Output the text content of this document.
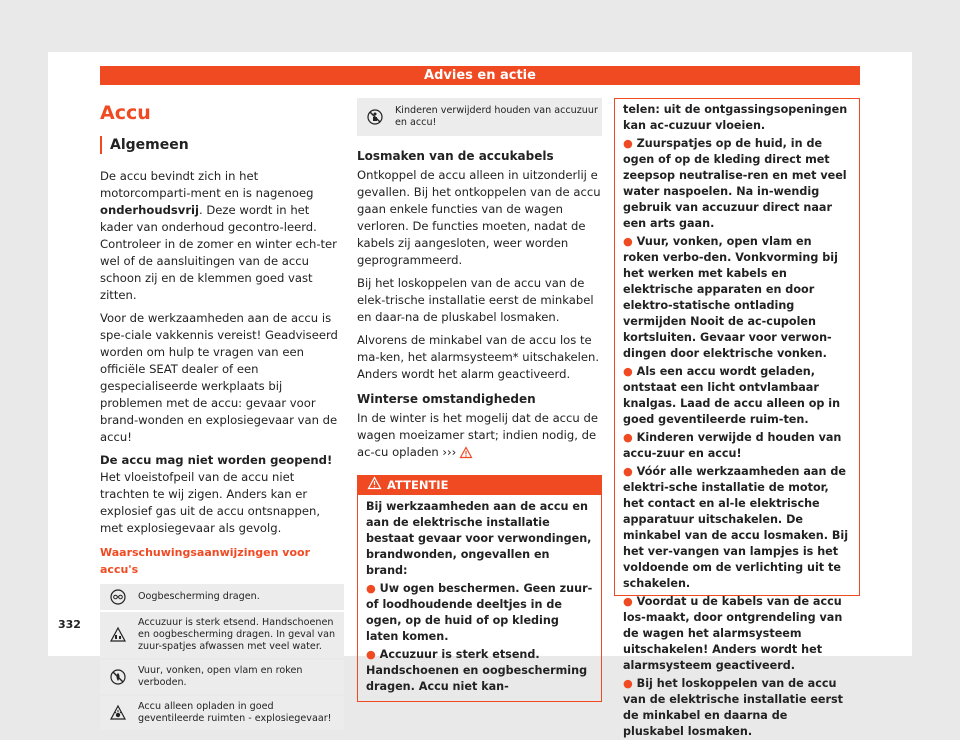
Advies en actie
Accu
Algemeen

De accu bevindt zich in het motorcomparti-ment en is nagenoeg onderhoudsvrij. Deze wordt in het kader van onderhoud gecontro-leerd. Controleer in de zomer en winter ech-ter wel of de aansluitingen van de accu schoon zij en de klemmen goed vast zitten.

Voor de werkzaamheden aan de accu is spe-ciale vakkennis vereist! Geadviseerd worden om hulp te vragen van een officiële SEAT dealer of een gespecialiseerde werkplaats bij problemen met de accu: gevaar voor brand-wonden en explosiegevaar van de accu!

De accu mag niet worden geopend! Het vloeistofpeil van de accu niet trachten te wij zigen. Anders kan er explosief gas uit de accu ontsnappen, met explosiegevaar als gevolg.

Waarschuwingsaanwijzingen voor accu's
Oogbescherming dragen.
Accuzuur is sterk etsend. Handschoenen en oogbescherming dragen. In geval van zuur-spatjes afwassen met veel water.
Vuur, vonken, open vlam en roken verboden.
Accu alleen opladen in goed geventileerde ruimten - explosiegevaar!
Kinderen verwijderd houden van accuzuur en accu!
Losmaken van de accukabels

Ontkoppel de accu alleen in uitzonderlij e gevallen. Bij het ontkoppelen van de accu gaan enkele functies van de wagen verloren. De functies moeten, nadat de kabels zij aangesloten, weer worden geprogrammeerd.

Bij het loskoppelen van de accu van de elek-trische installatie eerst de minkabel en daar-na de pluskabel losmaken.

Alvorens de minkabel van de accu los te ma-ken, het alarmsysteem* uitschakelen. Anders wordt het alarm geactiveerd.

Winterse omstandigheden

In de winter is het mogelij dat de accu de wagen moeizamer start; indien nodig, de ac-cu opladen ›››

ATTENTIE
Bij werkzaamheden aan de accu en aan de elektrische installatie bestaat gevaar voor verwondingen, brandwonden, ongevallen en brand:
● Uw ogen beschermen. Geen zuur- of loodhoudende deeltjes in de ogen, op de huid of op kleding laten komen.
● Accuzuur is sterk etsend. Handschoenen en oogbescherming dragen. Accu niet kan-
telen: uit de ontgassingsopeningen kan ac-cuzuur vloeien.
● Zuurspatjes op de huid, in de ogen of op de kleding direct met zeepsop neutralise-ren en met veel water naspoelen. Na in-wendig gebruik van accuzuur direct naar een arts gaan.
● Vuur, vonken, open vlam en roken verbo-den. Vonkvorming bij het werken met kabels en elektrische apparaten en door elektro-statische ontlading vermijden Nooit de ac-cupolen kortsluiten. Gevaar voor verwon-dingen door elektrische vonken.
● Als een accu wordt geladen, ontstaat een licht ontvlambaar knalgas. Laad de accu alleen op in goed geventileerde ruim-ten.
● Kinderen verwijde d houden van accu-zuur en accu!
● Vóór alle werkzaamheden aan de elektri-sche installatie de motor, het contact en al-le elektrische apparatuur uitschakelen. De minkabel van de accu losmaken. Bij het ver-vangen van lampjes is het voldoende om de verlichting uit te schakelen.
● Voordat u de kabels van de accu los-maakt, door ontgrendeling van de wagen het alarmsysteem uitschakelen! Anders wordt het alarmsysteem geactiveerd.
● Bij het loskoppelen van de accu van de elektrische installatie eerst de minkabel en daarna de pluskabel losmaken.
332
